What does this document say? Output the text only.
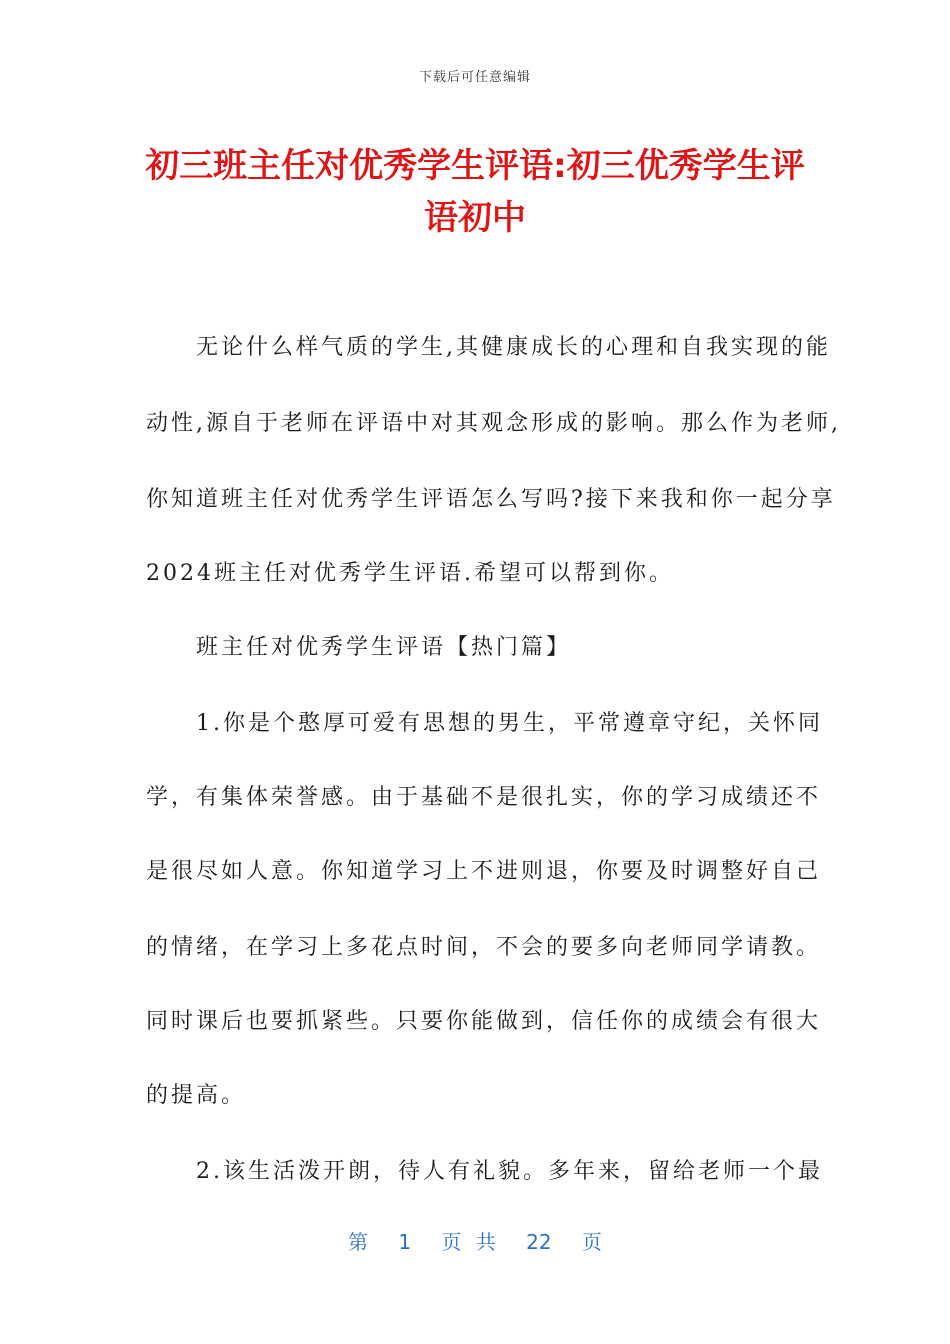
下载后可任意编辑
初三班主任对优秀学生评语:初三优秀学生评
语初中

　　无论什么样气质的学生,其健康成长的心理和自我实现的能

动性,源自于老师在评语中对其观念形成的影响。那么作为老师,

你知道班主任对优秀学生评语怎么写吗?接下来我和你一起分享

2024班主任对优秀学生评语.希望可以帮到你。

　　班主任对优秀学生评语【热门篇】

　　1.你是个憨厚可爱有思想的男生，平常遵章守纪，关怀同

学，有集体荣誉感。由于基础不是很扎实，你的学习成绩还不

是很尽如人意。你知道学习上不进则退，你要及时调整好自己

的情绪，在学习上多花点时间，不会的要多向老师同学请教。

同时课后也要抓紧些。只要你能做到，信任你的成绩会有很大

的提高。

　　2.该生活泼开朗，待人有礼貌。多年来，留给老师一个最

第 1 页 共 22 页
